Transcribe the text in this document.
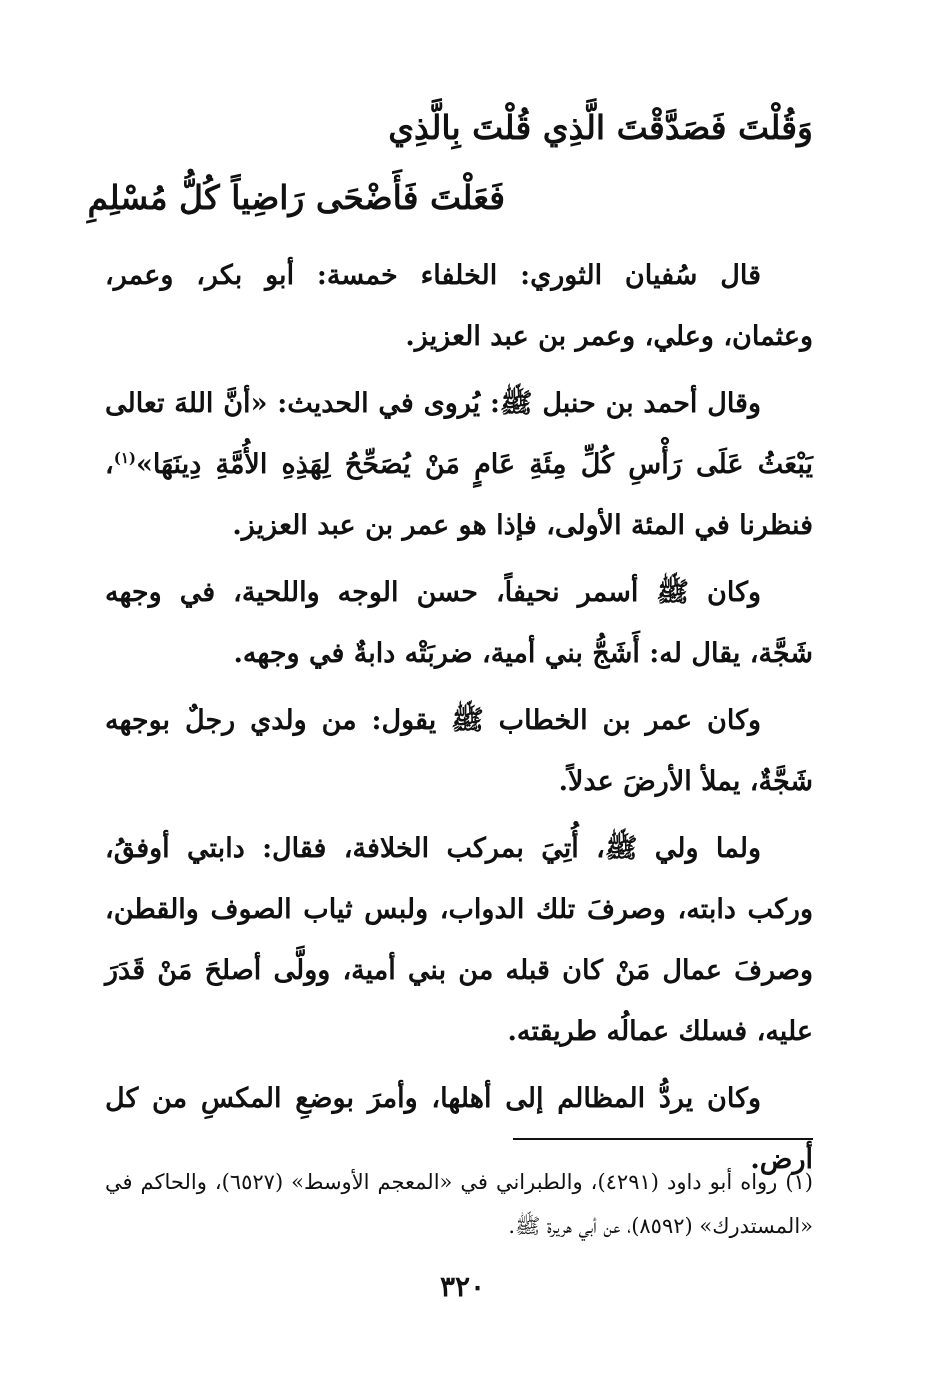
وَقُلْتَ فَصَدَّقْتَ الَّذِي قُلْتَ بِالَّذِي
فَعَلْتَ فَأَضْحَى رَاضِياً كُلُّ مُسْلِمِ

قال سُفيان الثوري: الخلفاء خمسة: أبو بكر، وعمر، وعثمان، وعلي، وعمر بن عبد العزيز.

وقال أحمد بن حنبل ﷺ: يُروى في الحديث: «أنَّ اللهَ تعالى يَبْعَثُ عَلَى رَأْسِ كُلِّ مِئَةِ عَامٍ مَنْ يُصَحِّحُ لِهَذِهِ الأُمَّةِ دِينَهَا»$^{(١)}$، فنظرنا في المئة الأولى، فإذا هو عمر بن عبد العزيز.

وكان ﷺ أسمر نحيفاً، حسن الوجه واللحية، في وجهه شَجَّة، يقال له: أَشَجُّ بني أمية، ضربَتْه دابةٌ في وجهه.

وكان عمر بن الخطاب ﷺ يقول: من ولدي رجلٌ بوجهه شَجَّةٌ، يملأ الأرضَ عدلاً.

ولما ولي ﷺ، أُتِيَ بمركب الخلافة، فقال: دابتي أوفقُ، وركب دابته، وصرفَ تلك الدواب، ولبس ثياب الصوف والقطن، وصرفَ عمال مَنْ كان قبله من بني أمية، وولَّى أصلحَ مَنْ قَدَرَ عليه، فسلك عمالُه طريقته.

وكان يردُّ المظالم إلى أهلها، وأمرَ بوضعِ المكسِ من كل أرض.

(١) رواه أبو داود (٤٢٩١)، والطبراني في «المعجم الأوسط» (٦٥٢٧)، والحاكم في «المستدرك» (٨٥٩٢)، عن أبي هريرة ﷺ.
٣٢٠
